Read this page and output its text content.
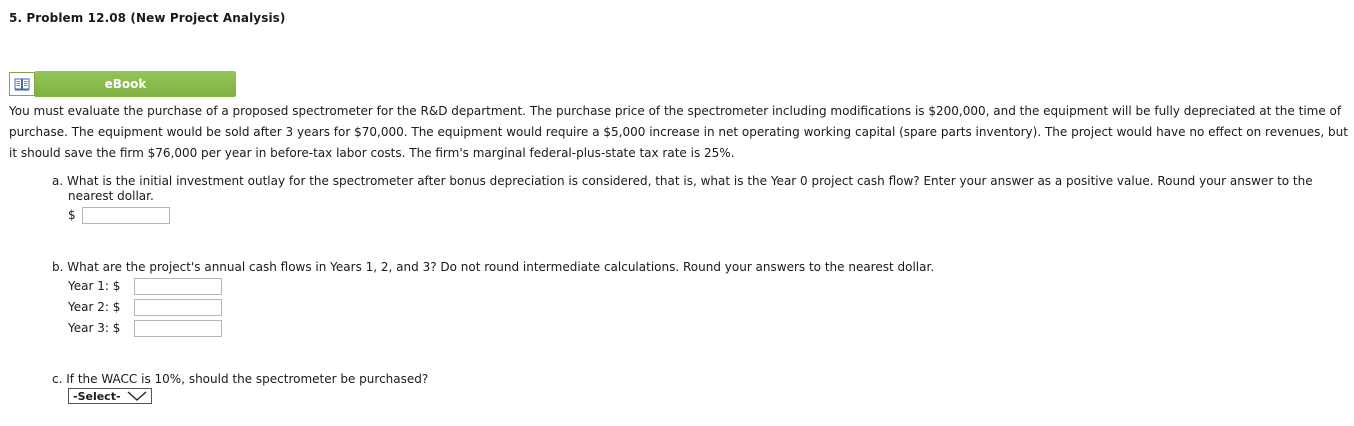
5. Problem 12.08 (New Project Analysis)
eBook
You must evaluate the purchase of a proposed spectrometer for the R&D department. The purchase price of the spectrometer including modifications is $200,000, and the equipment will be fully depreciated at the time of purchase. The equipment would be sold after 3 years for $70,000. The equipment would require a $5,000 increase in net operating working capital (spare parts inventory). The project would have no effect on revenues, but it should save the firm $76,000 per year in before-tax labor costs. The firm's marginal federal-plus-state tax rate is 25%.
a. What is the initial investment outlay for the spectrometer after bonus depreciation is considered, that is, what is the Year 0 project cash flow? Enter your answer as a positive value. Round your answer to the
nearest dollar.
$
b. What are the project's annual cash flows in Years 1, 2, and 3? Do not round intermediate calculations. Round your answers to the nearest dollar.
Year 1: $
Year 2: $
Year 3: $
c. If the WACC is 10%, should the spectrometer be purchased?
-Select-
